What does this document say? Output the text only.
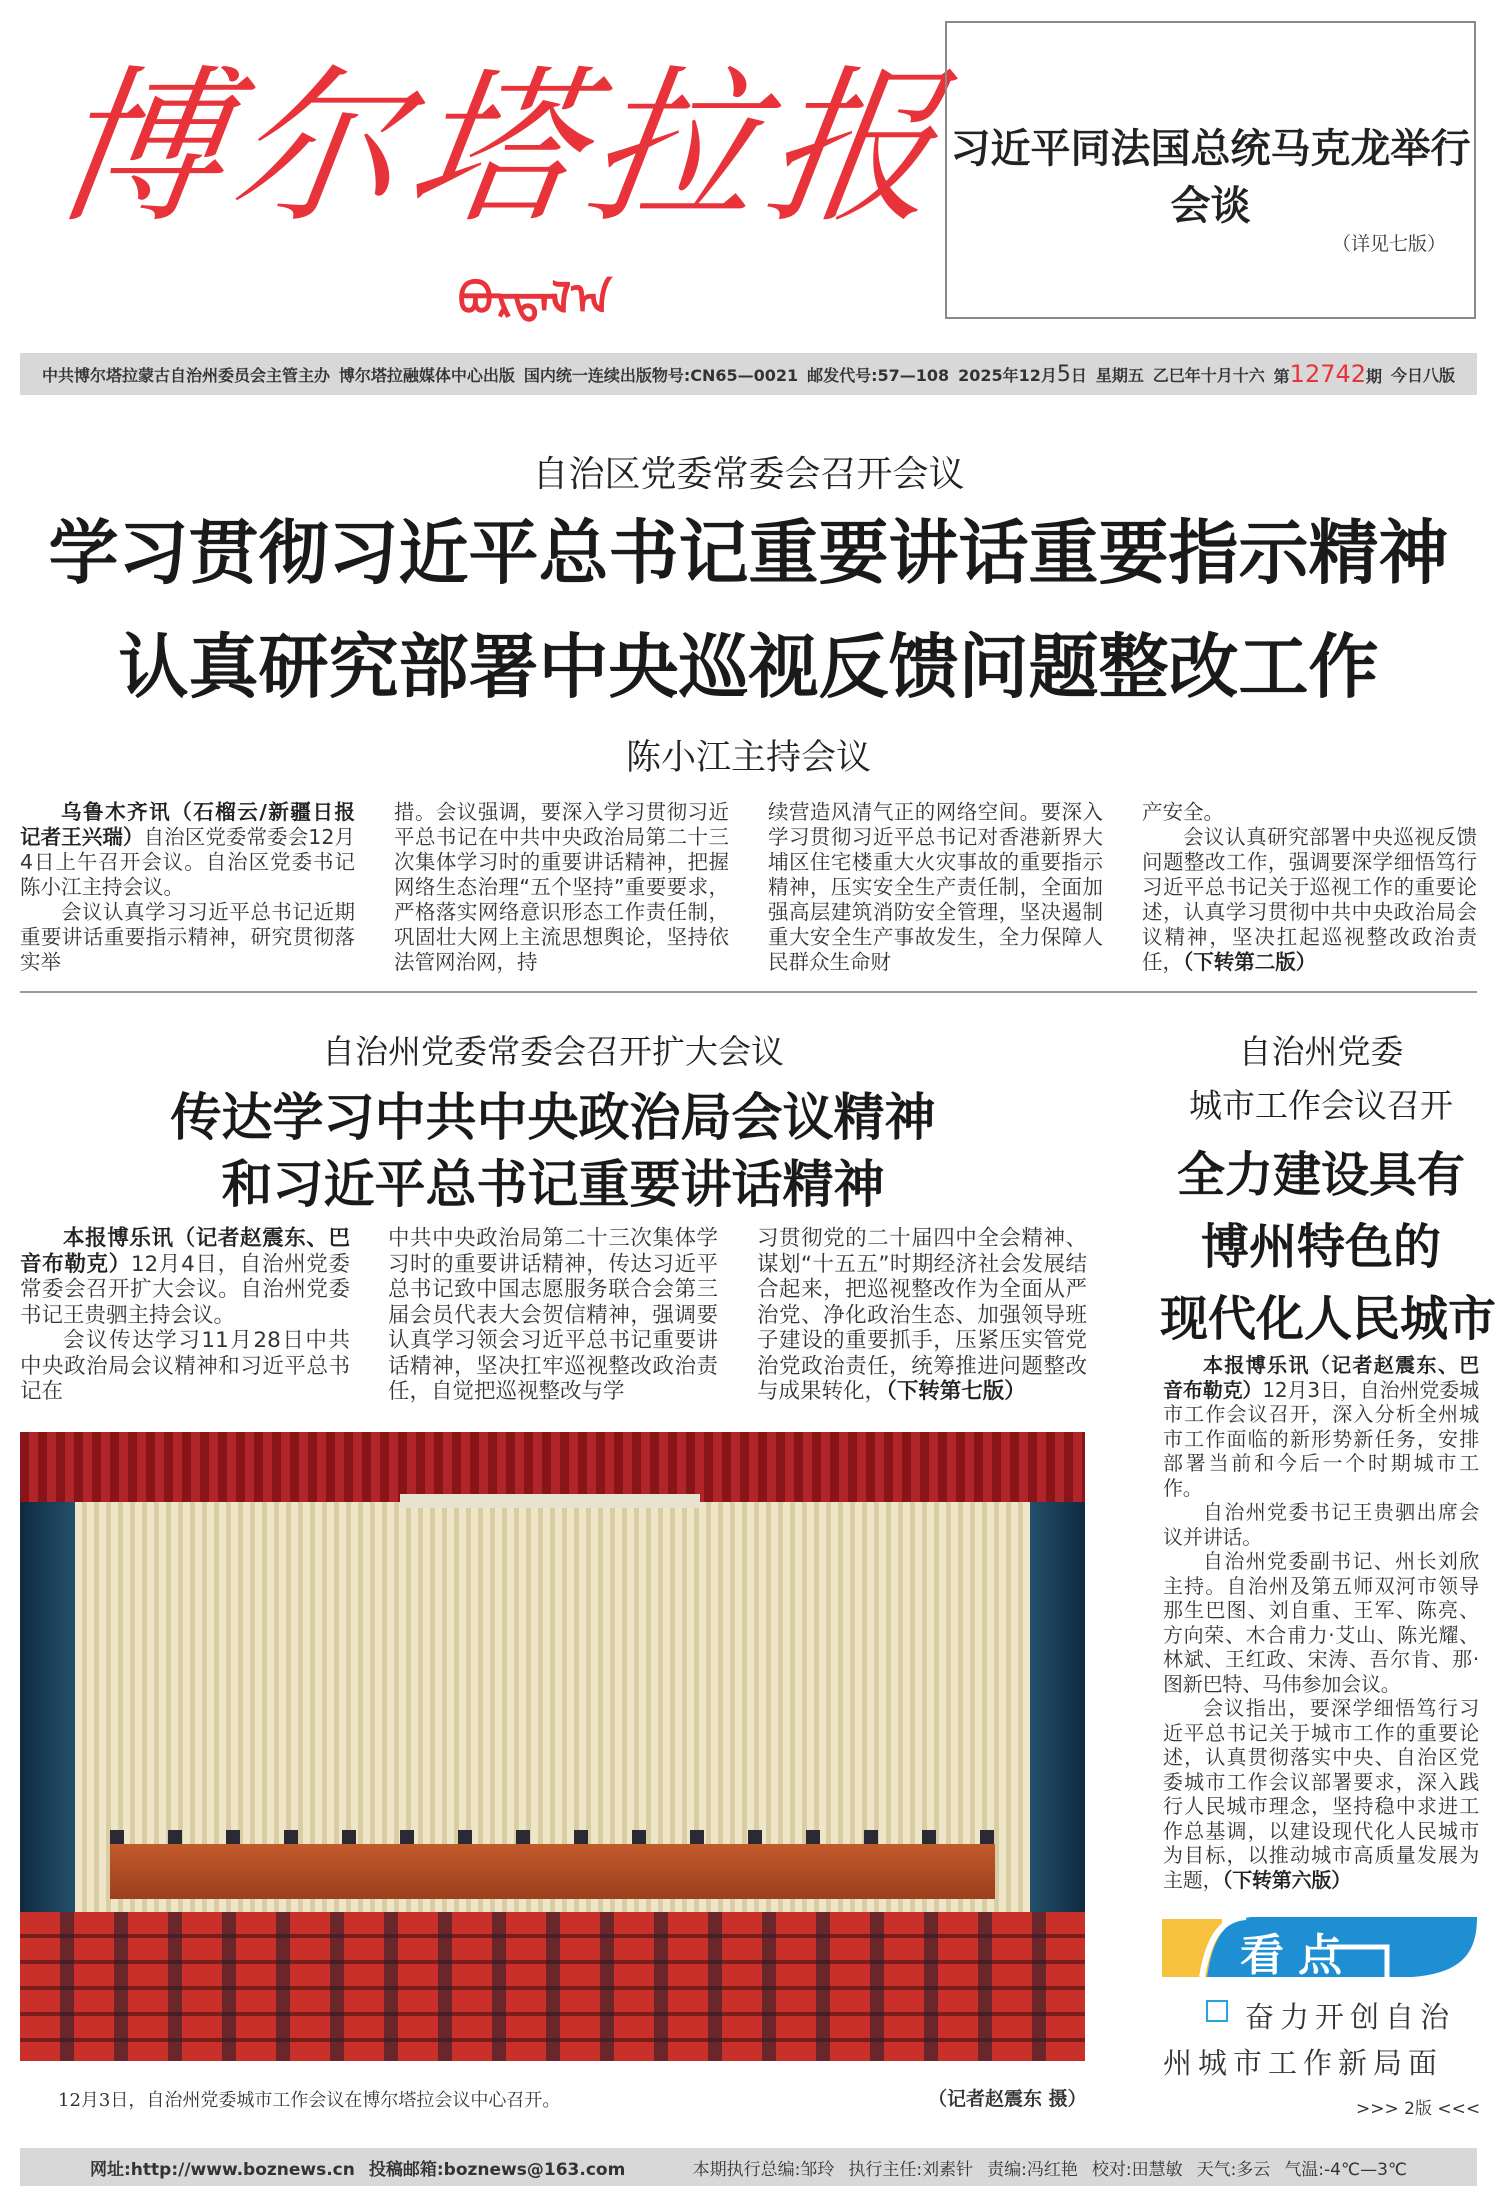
博尔塔拉报
ᠪᠣᠷᠲᠠᠯ᠎ᠠ
习近平同法国总统马克龙举行会谈
（详见七版）
中共博尔塔拉蒙古自治州委员会主管主办 博尔塔拉融媒体中心出版 国内统一连续出版物号:CN65—0021 邮发代号:57—108 2025年12月5日 星期五 乙巳年十月十六 第12742期 今日八版
自治区党委常委会召开会议
学习贯彻习近平总书记重要讲话重要指示精神
认真研究部署中央巡视反馈问题整改工作
陈小江主持会议

乌鲁木齐讯（石榴云/新疆日报记者王兴瑞）自治区党委常委会12月4日上午召开会议。自治区党委书记陈小江主持会议。

会议认真学习习近平总书记近期重要讲话重要指示精神，研究贯彻落实举

措。会议强调，要深入学习贯彻习近平总书记在中共中央政治局第二十三次集体学习时的重要讲话精神，把握网络生态治理“五个坚持”重要要求，严格落实网络意识形态工作责任制，巩固壮大网上主流思想舆论，坚持依法管网治网，持

续营造风清气正的网络空间。要深入学习贯彻习近平总书记对香港新界大埔区住宅楼重大火灾事故的重要指示精神，压实安全生产责任制，全面加强高层建筑消防安全管理，坚决遏制重大安全生产事故发生，全力保障人民群众生命财

产安全。

会议认真研究部署中央巡视反馈问题整改工作，强调要深学细悟笃行习近平总书记关于巡视工作的重要论述，认真学习贯彻中共中央政治局会议精神，坚决扛起巡视整改政治责任，（下转第二版）

自治州党委常委会召开扩大会议
传达学习中共中央政治局会议精神
和习近平总书记重要讲话精神

本报博乐讯（记者赵震东、巴音布勒克）12月4日，自治州党委常委会召开扩大会议。自治州党委书记王贵驷主持会议。

会议传达学习11月28日中共中央政治局会议精神和习近平总书记在

中共中央政治局第二十三次集体学习时的重要讲话精神，传达习近平总书记致中国志愿服务联合会第三届会员代表大会贺信精神，强调要认真学习领会习近平总书记重要讲话精神，坚决扛牢巡视整改政治责任，自觉把巡视整改与学

习贯彻党的二十届四中全会精神、谋划“十五五”时期经济社会发展结合起来，把巡视整改作为全面从严治党、净化政治生态、加强领导班子建设的重要抓手，压紧压实管党治党政治责任，统筹推进问题整改与成果转化，（下转第七版）

12月3日，自治州党委城市工作会议在博尔塔拉会议中心召开。	（记者赵震东 摄）
自治州党委
城市工作会议召开
全力建设具有
博州特色的
现代化人民城市

本报博乐讯（记者赵震东、巴音布勒克）12月3日，自治州党委城市工作会议召开，深入分析全州城市工作面临的新形势新任务，安排部署当前和今后一个时期城市工作。

自治州党委书记王贵驷出席会议并讲话。

自治州党委副书记、州长刘欣主持。自治州及第五师双河市领导那生巴图、刘自重、王军、陈亮、方向荣、木合甫力·艾山、陈光耀、林斌、王红政、宋涛、吾尔肯、那·图新巴特、马伟参加会议。

会议指出，要深学细悟笃行习近平总书记关于城市工作的重要论述，认真贯彻落实中央、自治区党委城市工作会议部署要求，深入践行人民城市理念，坚持稳中求进工作总基调，以建设现代化人民城市为目标，以推动城市高质量发展为主题，（下转第六版）

看点
奋力开创自治州城市工作新局面
>>> 2版 <<<
网址:http://www.boznews.cn 投稿邮箱:boznews@163.com	本期执行总编:邹玲 执行主任:刘素针 责编:冯红艳 校对:田慧敏 天气:多云 气温:-4℃—3℃
